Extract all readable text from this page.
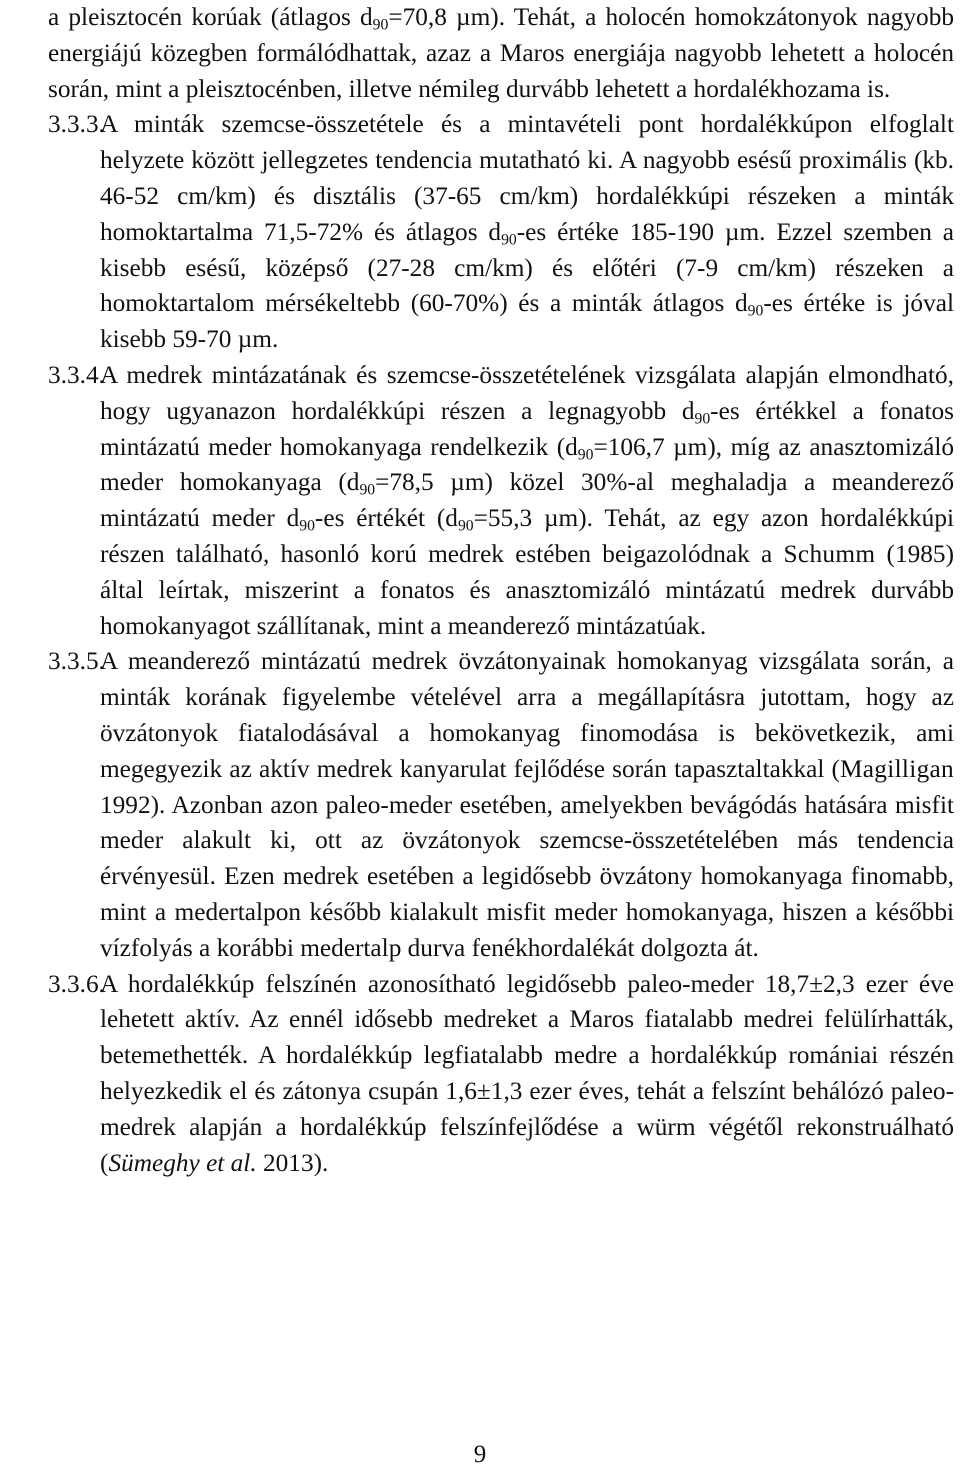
a pleisztocén korúak (átlagos $d_{90}=70,8$ µm). Tehát, a holocén homokzátonyok nagyobb energiájú közegben formálódhattak, azaz a Maros energiája nagyobb lehetett a holocén során, mint a pleisztocénben, illetve némileg durvább lehetett a hordalékhozama is.

3.3.3.

A minták szemcse-összetétele és a mintavételi pont hordalékkúpon elfoglalt helyzete között jellegzetes tendencia mutatható ki. A nagyobb esésű proximális (kb. 46-52 cm/km) és disztális (37-65 cm/km) hordalékkúpi részeken a minták homoktartalma 71,5-72% és átlagos $d_{90}-es$ értéke 185-190 µm. Ezzel szemben a kisebb esésű, középső (27-28 cm/km) és előtéri (7-9 cm/km) részeken a homoktartalom mérsékeltebb (60-70%) és a minták átlagos $d_{90}-es$ értéke is jóval kisebb 59-70 µm.

3.3.4.

A medrek mintázatának és szemcse-összetételének vizsgálata alapján elmondható, hogy ugyanazon hordalékkúpi részen a legnagyobb $d_{90}-es$ értékkel a fonatos mintázatú meder homokanyaga rendelkezik ($d_{90}=106,7$ µm), míg az anasztomizáló meder homokanyaga ($d_{90}=78,5$ µm) közel 30%-al meghaladja a meanderező mintázatú meder $d_{90}-es$ értékét ($d_{90}=55,3$ µm). Tehát, az egy azon hordalékkúpi részen található, hasonló korú medrek estében beigazolódnak a Schumm (1985) által leírtak, miszerint a fonatos és anasztomizáló mintázatú medrek durvább homokanyagot szállítanak, mint a meanderező mintázatúak.

3.3.5.

A meanderező mintázatú medrek övzátonyainak homokanyag vizsgálata során, a minták korának figyelembe vételével arra a megállapításra jutottam, hogy az övzátonyok fiatalodásával a homokanyag finomodása is bekövetkezik, ami megegyezik az aktív medrek kanyarulat fejlődése során tapasztaltakkal (Magilligan 1992). Azonban azon paleo-meder esetében, amelyekben bevágódás hatására misfit meder alakult ki, ott az övzátonyok szemcse-összetételében más tendencia érvényesül. Ezen medrek esetében a legidősebb övzátony homokanyaga finomabb, mint a medertalpon később kialakult misfit meder homokanyaga, hiszen a későbbi vízfolyás a korábbi medertalp durva fenékhordalékát dolgozta át.

3.3.6.

A hordalékkúp felszínén azonosítható legidősebb paleo-meder 18,7±2,3 ezer éve lehetett aktív. Az ennél idősebb medreket a Maros fiatalabb medrei felülírhatták, betemethették. A hordalékkúp legfiatalabb medre a hordalékkúp romániai részén helyezkedik el és zátonya csupán 1,6±1,3 ezer éves, tehát a felszínt behálózó paleo-medrek alapján a hordalékkúp felszínfejlődése a würm végétől rekonstruálható (Sümeghy et al. 2013).

9
